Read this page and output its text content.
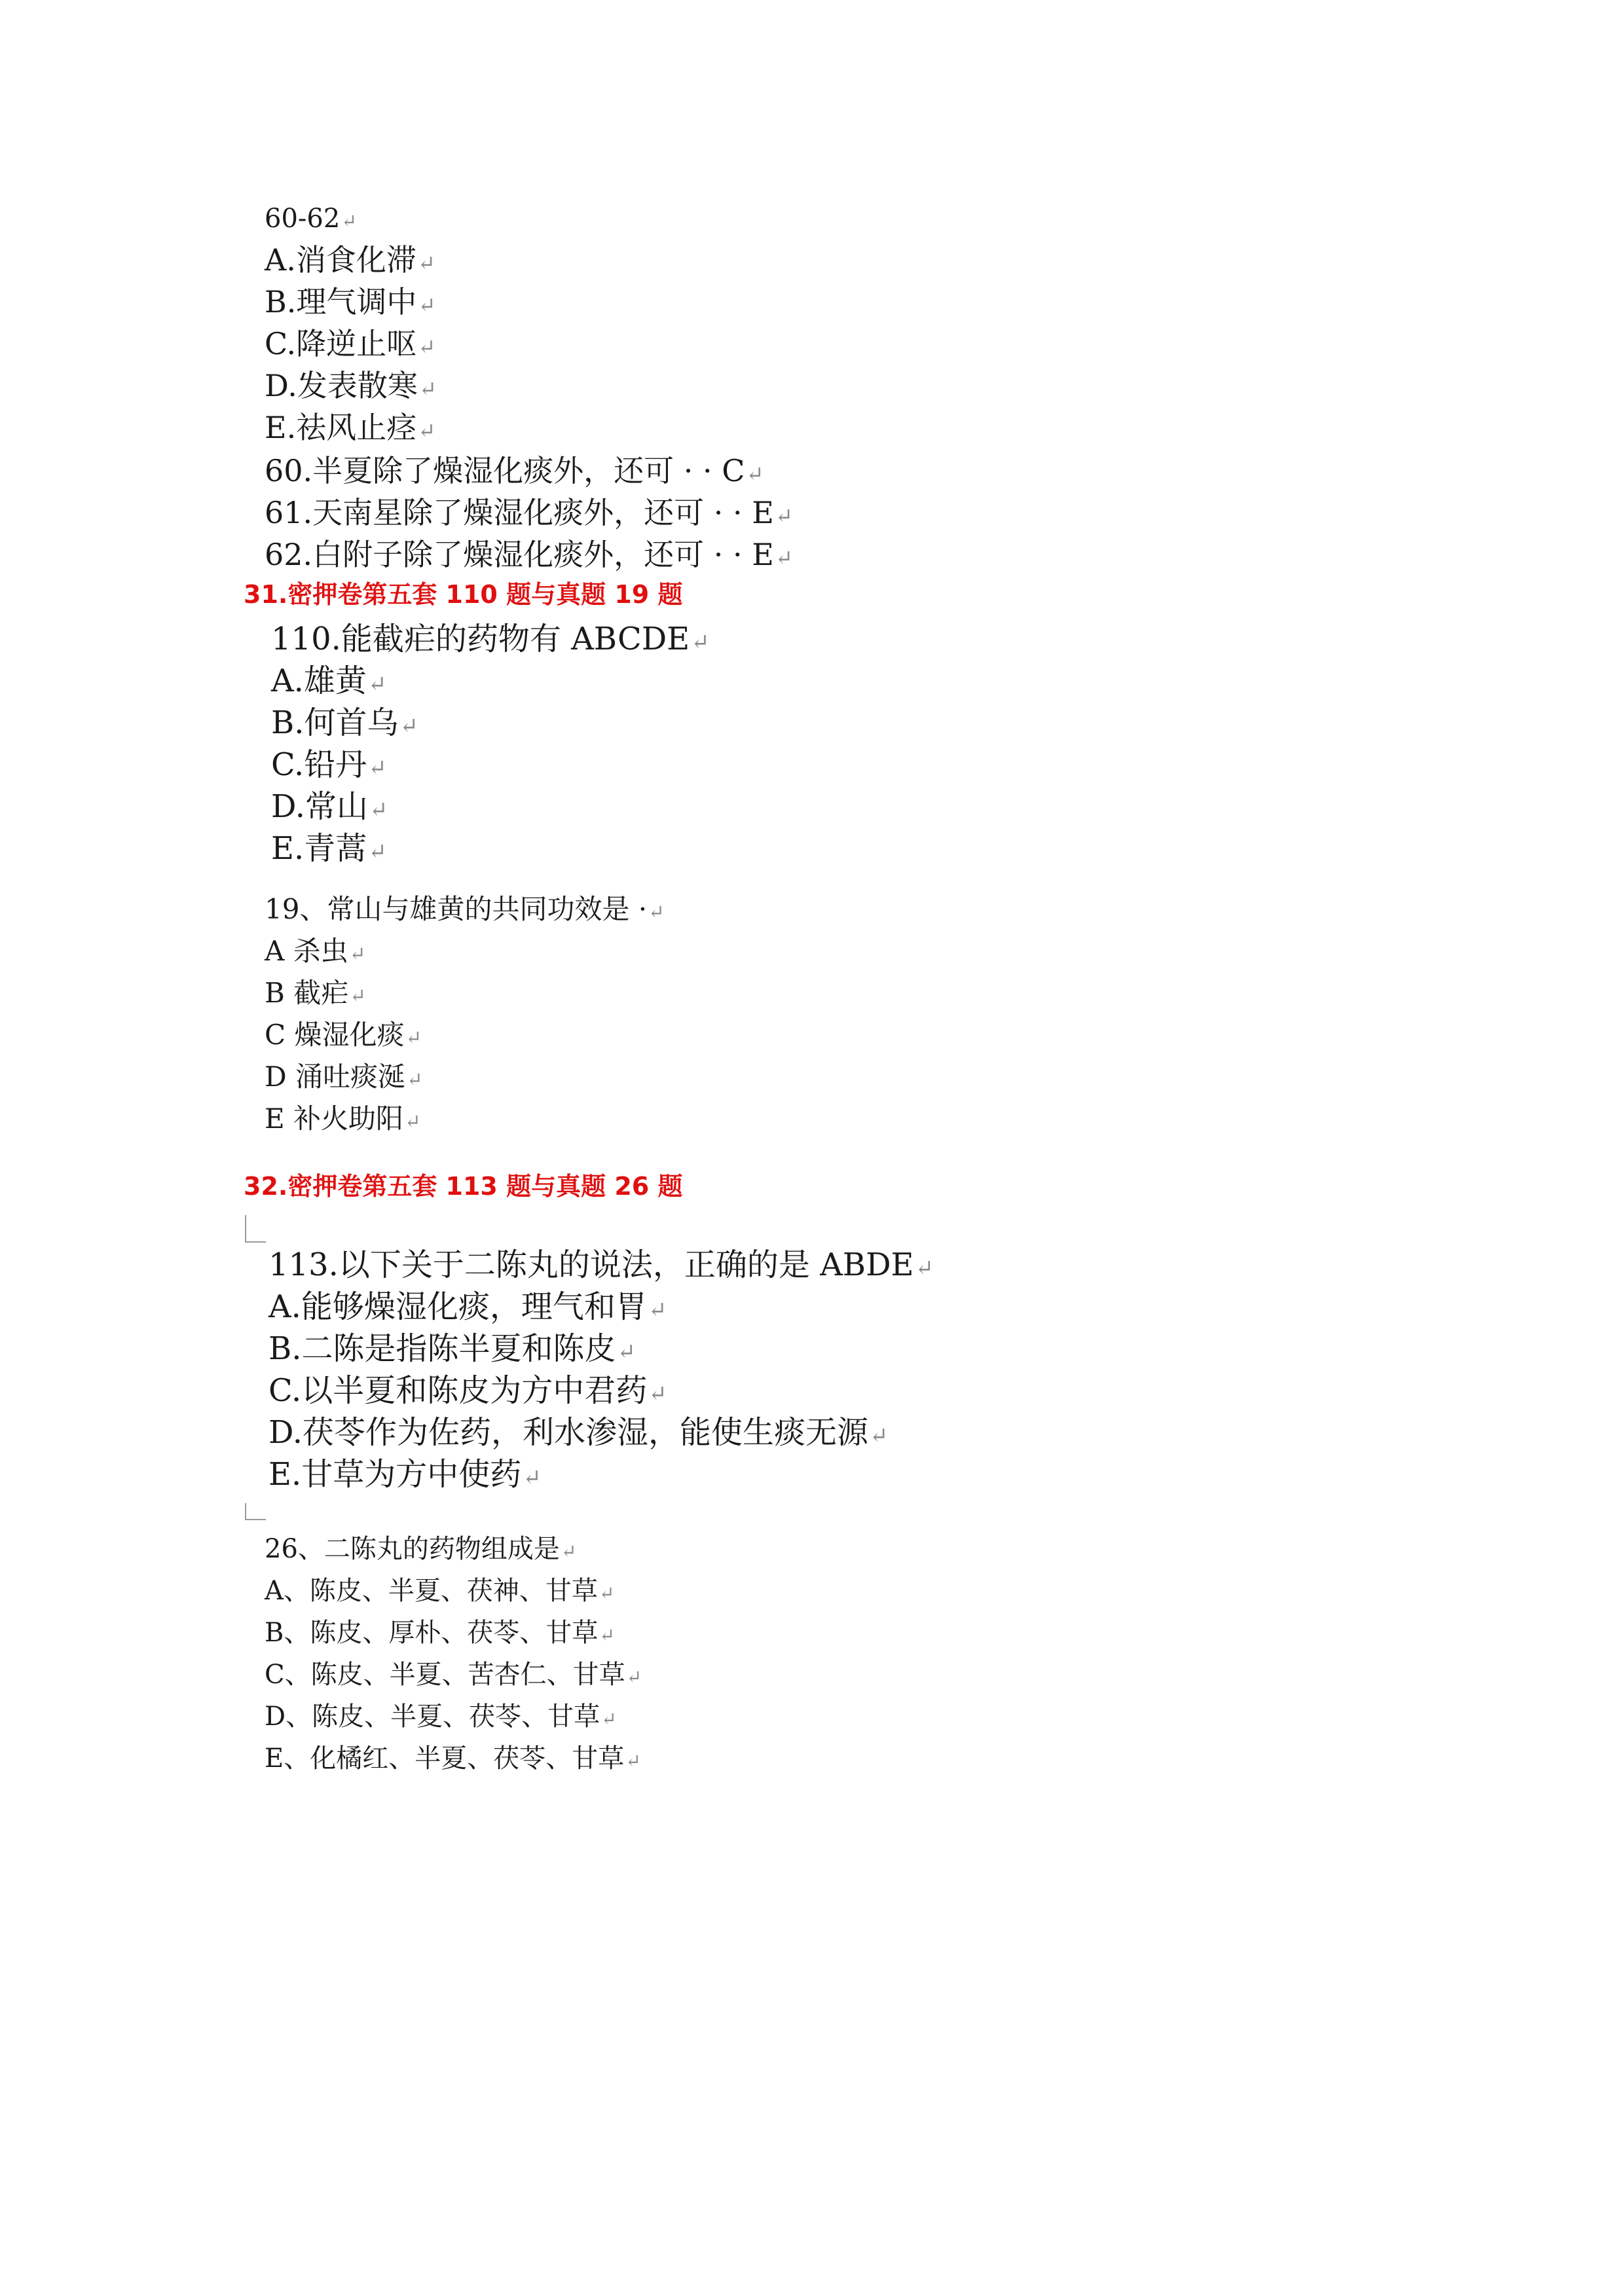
60-62↵
A.消食化滞↵
B.理气调中↵
C.降逆止呕↵
D.发表散寒↵
E.祛风止痉↵
60.半夏除了燥湿化痰外，还可 · · C↵
61.天南星除了燥湿化痰外，还可 · · E↵
62.白附子除了燥湿化痰外，还可 · · E↵
31.密押卷第五套 110 题与真题 19 题
110.能截疟的药物有 ABCDE↵
A.雄黄↵
B.何首乌↵
C.铅丹↵
D.常山↵
E.青蒿↵
19、常山与雄黄的共同功效是 ·↵
A 杀虫↵
B 截疟↵
C 燥湿化痰↵
D 涌吐痰涎↵
E 补火助阳↵
32.密押卷第五套 113 题与真题 26 题
113.以下关于二陈丸的说法，正确的是 ABDE↵
A.能够燥湿化痰，理气和胃↵
B.二陈是指陈半夏和陈皮↵
C.以半夏和陈皮为方中君药↵
D.茯苓作为佐药，利水渗湿，能使生痰无源↵
E.甘草为方中使药↵
26、二陈丸的药物组成是↵
A、陈皮、半夏、茯神、甘草↵
B、陈皮、厚朴、茯苓、甘草↵
C、陈皮、半夏、苦杏仁、甘草↵
D、陈皮、半夏、茯苓、甘草↵
E、化橘红、半夏、茯苓、甘草↵
